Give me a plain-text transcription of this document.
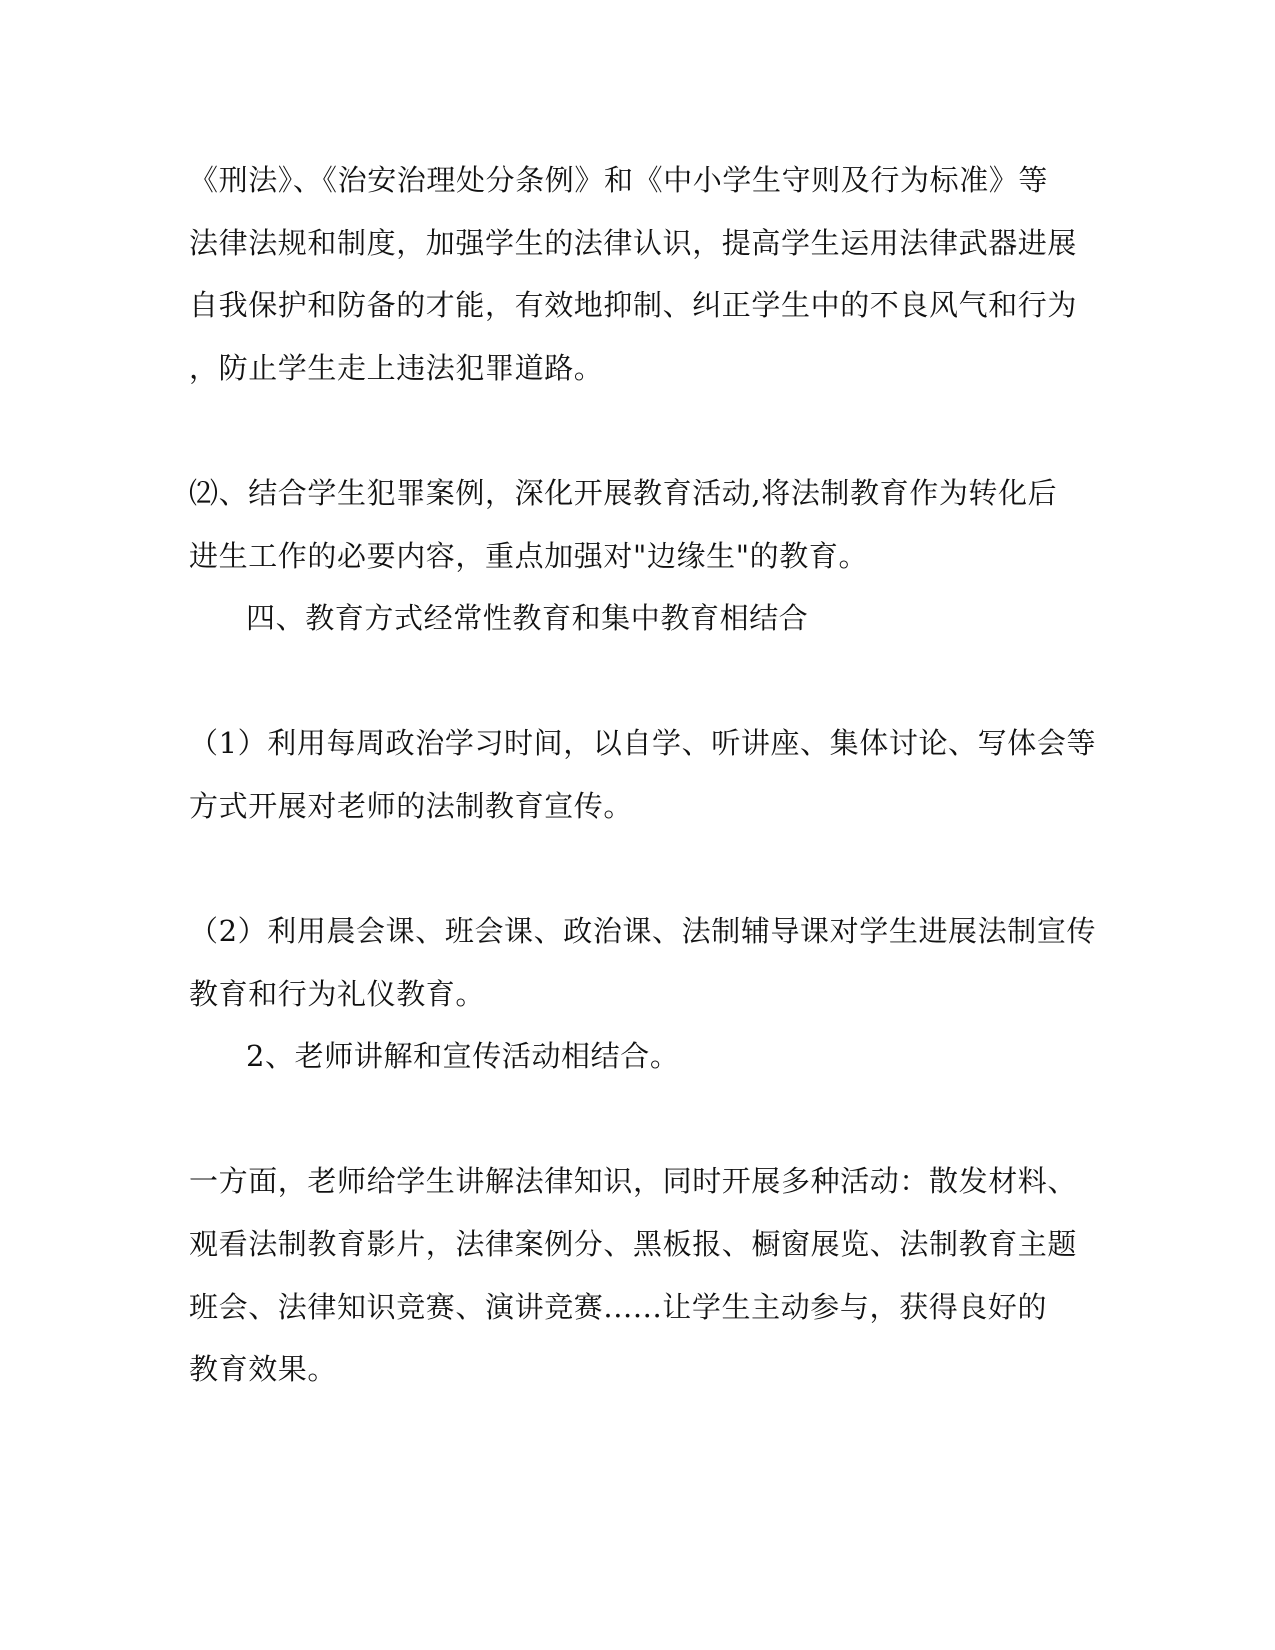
《刑法》、《治安治理处分条例》和《中小学生守则及行为标准》等

法律法规和制度，加强学生的法律认识，提高学生运用法律武器进展

自我保护和防备的才能，有效地抑制、纠正学生中的不良风气和行为

，防止学生走上违法犯罪道路。

⑵、结合学生犯罪案例，深化开展教育活动,将法制教育作为转化后

进生工作的必要内容，重点加强对"边缘生"的教育。

四、教育方式经常性教育和集中教育相结合

（1）利用每周政治学习时间，以自学、听讲座、集体讨论、写体会等

方式开展对老师的法制教育宣传。

（2）利用晨会课、班会课、政治课、法制辅导课对学生进展法制宣传

教育和行为礼仪教育。

2、老师讲解和宣传活动相结合。

一方面，老师给学生讲解法律知识，同时开展多种活动：散发材料、

观看法制教育影片，法律案例分、黑板报、橱窗展览、法制教育主题

班会、法律知识竞赛、演讲竞赛......让学生主动参与，获得良好的

教育效果。
